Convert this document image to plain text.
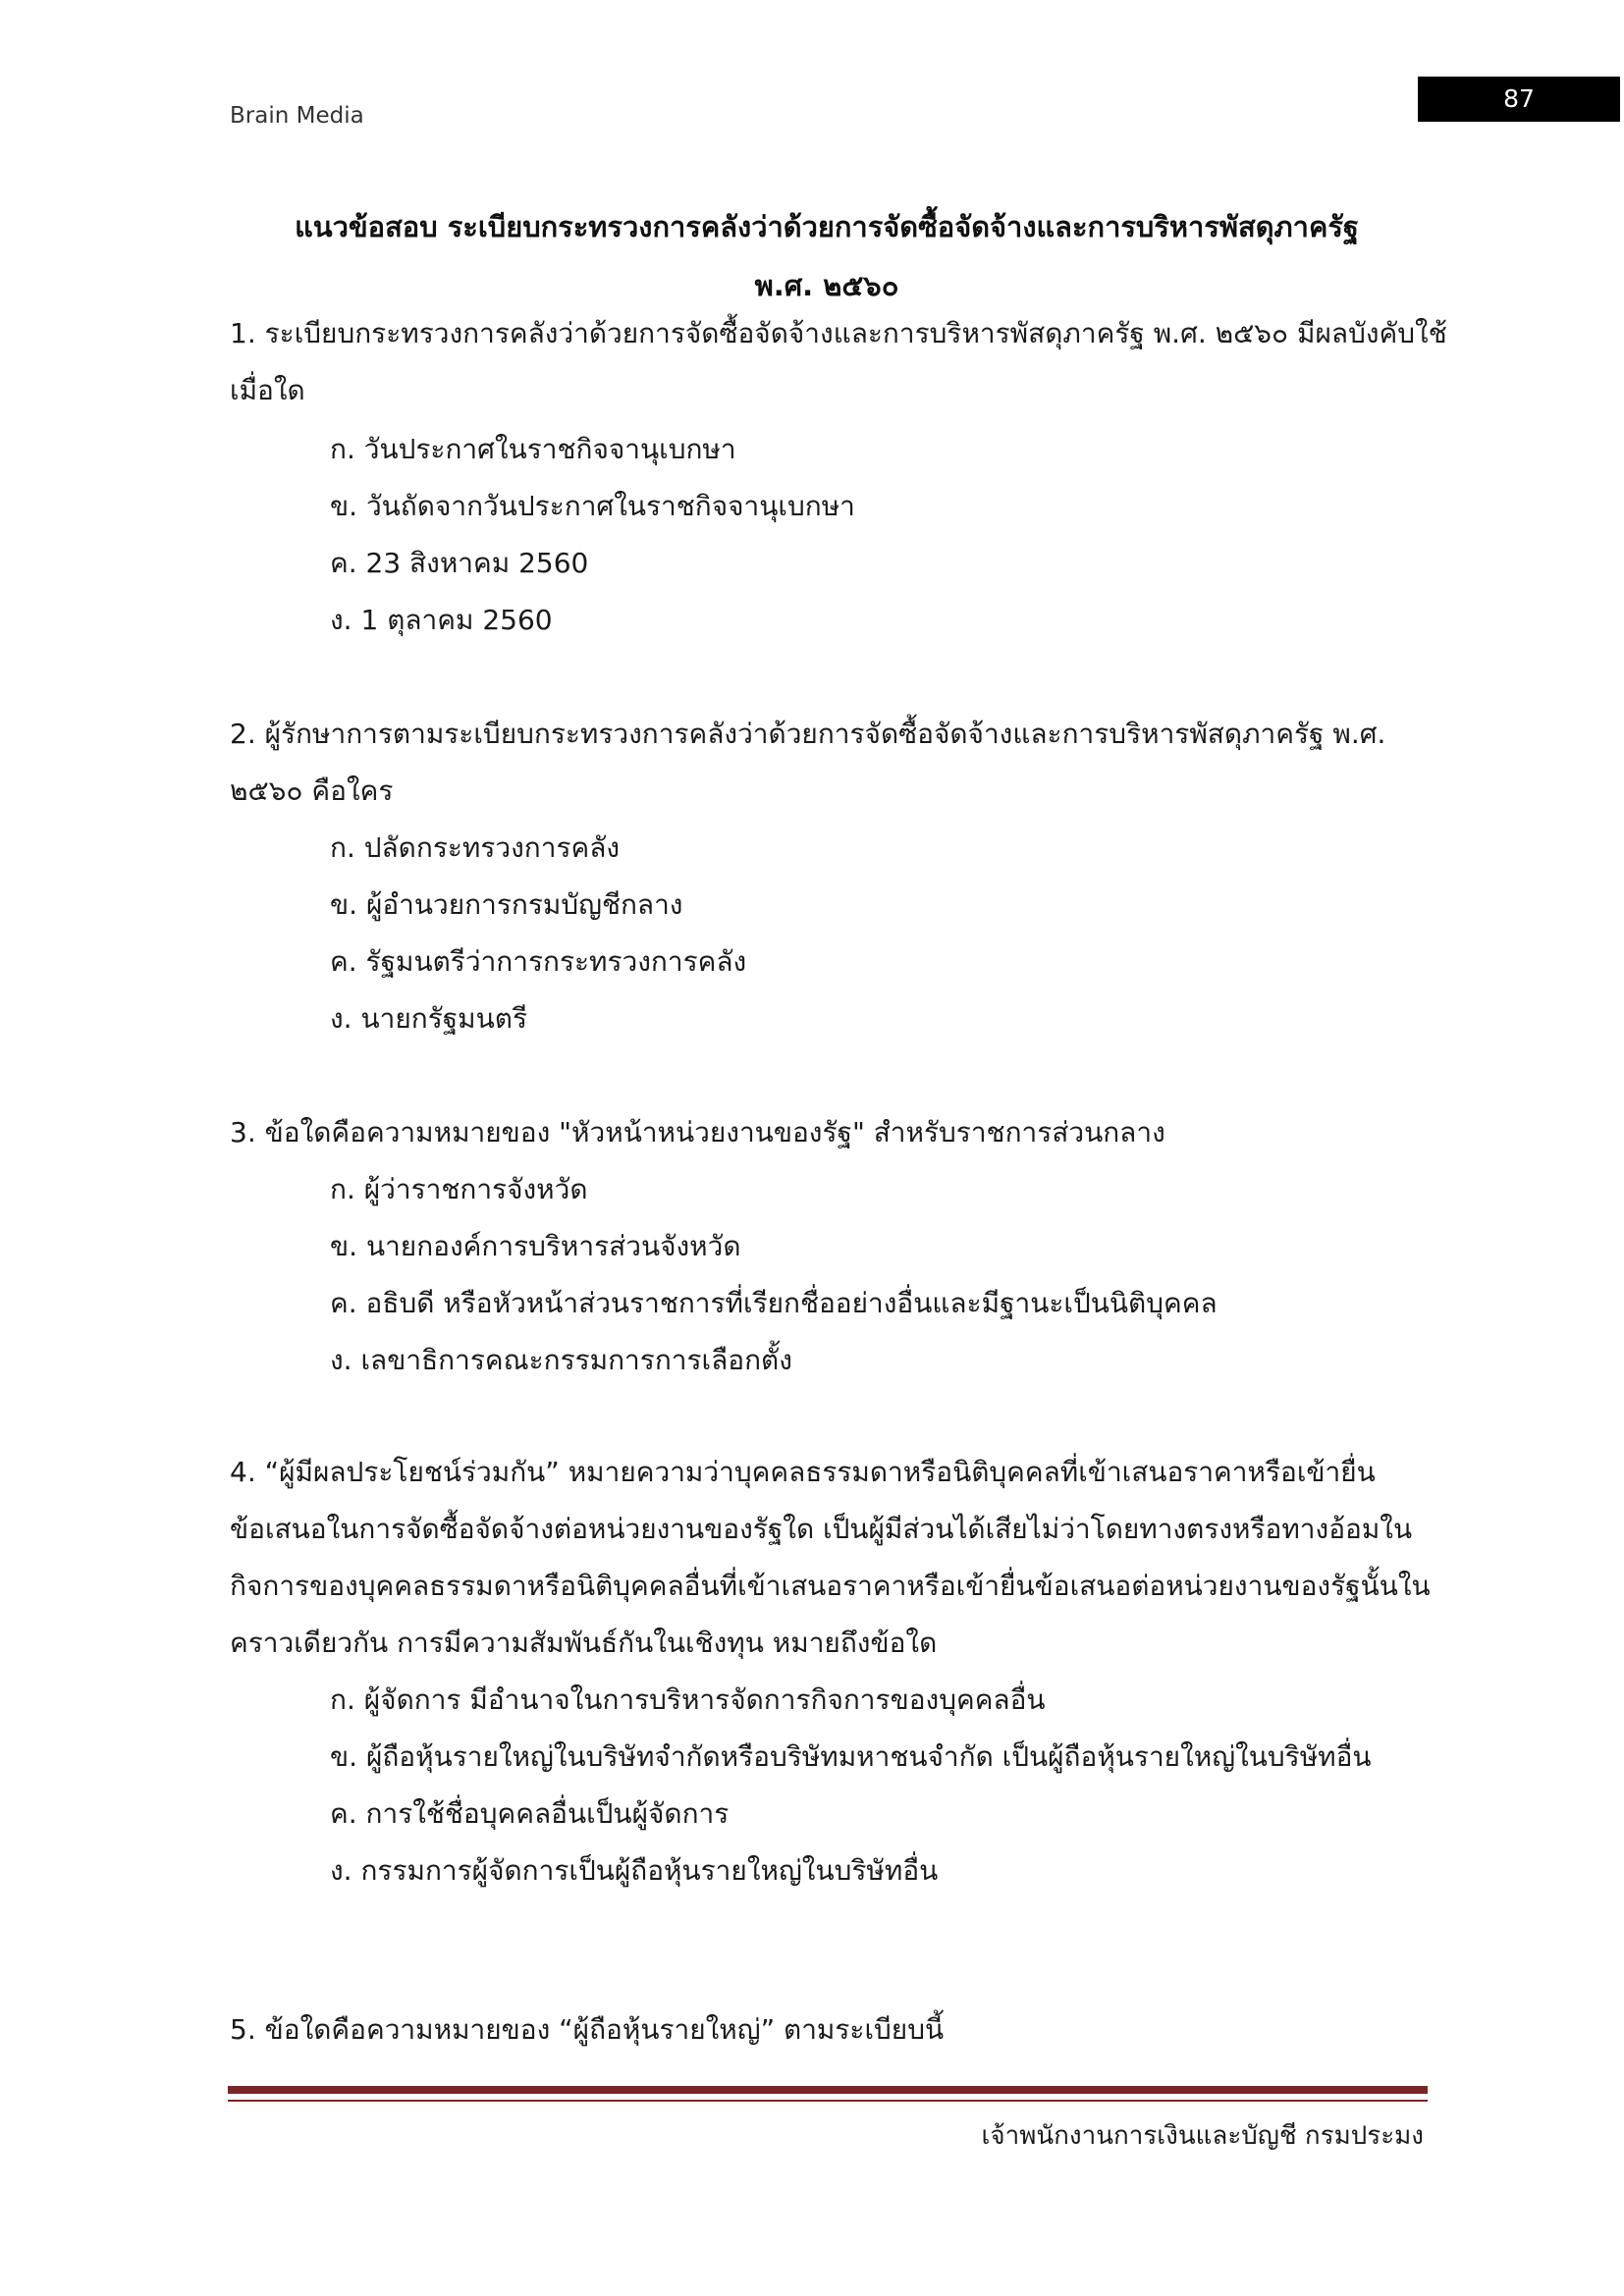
Brain Media
87
แนวข้อสอบ ระเบียบกระทรวงการคลังว่าด้วยการจัดซื้อจัดจ้างและการบริหารพัสดุภาครัฐ
พ.ศ. ๒๕๖๐
1. ระเบียบกระทรวงการคลังว่าด้วยการจัดซื้อจัดจ้างและการบริหารพัสดุภาครัฐ พ.ศ. ๒๕๖๐ มีผลบังคับใช้
เมื่อใด
ก. วันประกาศในราชกิจจานุเบกษา
ข. วันถัดจากวันประกาศในราชกิจจานุเบกษา
ค. 23 สิงหาคม 2560
ง. 1 ตุลาคม 2560
2. ผู้รักษาการตามระเบียบกระทรวงการคลังว่าด้วยการจัดซื้อจัดจ้างและการบริหารพัสดุภาครัฐ พ.ศ.
๒๕๖๐ คือใคร
ก. ปลัดกระทรวงการคลัง
ข. ผู้อำนวยการกรมบัญชีกลาง
ค. รัฐมนตรีว่าการกระทรวงการคลัง
ง. นายกรัฐมนตรี
3. ข้อใดคือความหมายของ "หัวหน้าหน่วยงานของรัฐ" สำหรับราชการส่วนกลาง
ก. ผู้ว่าราชการจังหวัด
ข. นายกองค์การบริหารส่วนจังหวัด
ค. อธิบดี หรือหัวหน้าส่วนราชการที่เรียกชื่ออย่างอื่นและมีฐานะเป็นนิติบุคคล
ง. เลขาธิการคณะกรรมการการเลือกตั้ง
4. “ผู้มีผลประโยชน์ร่วมกัน” หมายความว่าบุคคลธรรมดาหรือนิติบุคคลที่เข้าเสนอราคาหรือเข้ายื่น
ข้อเสนอในการจัดซื้อจัดจ้างต่อหน่วยงานของรัฐใด เป็นผู้มีส่วนได้เสียไม่ว่าโดยทางตรงหรือทางอ้อมใน
กิจการของบุคคลธรรมดาหรือนิติบุคคลอื่นที่เข้าเสนอราคาหรือเข้ายื่นข้อเสนอต่อหน่วยงานของรัฐนั้นใน
คราวเดียวกัน การมีความสัมพันธ์กันในเชิงทุน หมายถึงข้อใด
ก. ผู้จัดการ มีอำนาจในการบริหารจัดการกิจการของบุคคลอื่น
ข. ผู้ถือหุ้นรายใหญ่ในบริษัทจำกัดหรือบริษัทมหาชนจำกัด เป็นผู้ถือหุ้นรายใหญ่ในบริษัทอื่น
ค. การใช้ชื่อบุคคลอื่นเป็นผู้จัดการ
ง. กรรมการผู้จัดการเป็นผู้ถือหุ้นรายใหญ่ในบริษัทอื่น
5. ข้อใดคือความหมายของ “ผู้ถือหุ้นรายใหญ่” ตามระเบียบนี้
เจ้าพนักงานการเงินและบัญชี กรมประมง
